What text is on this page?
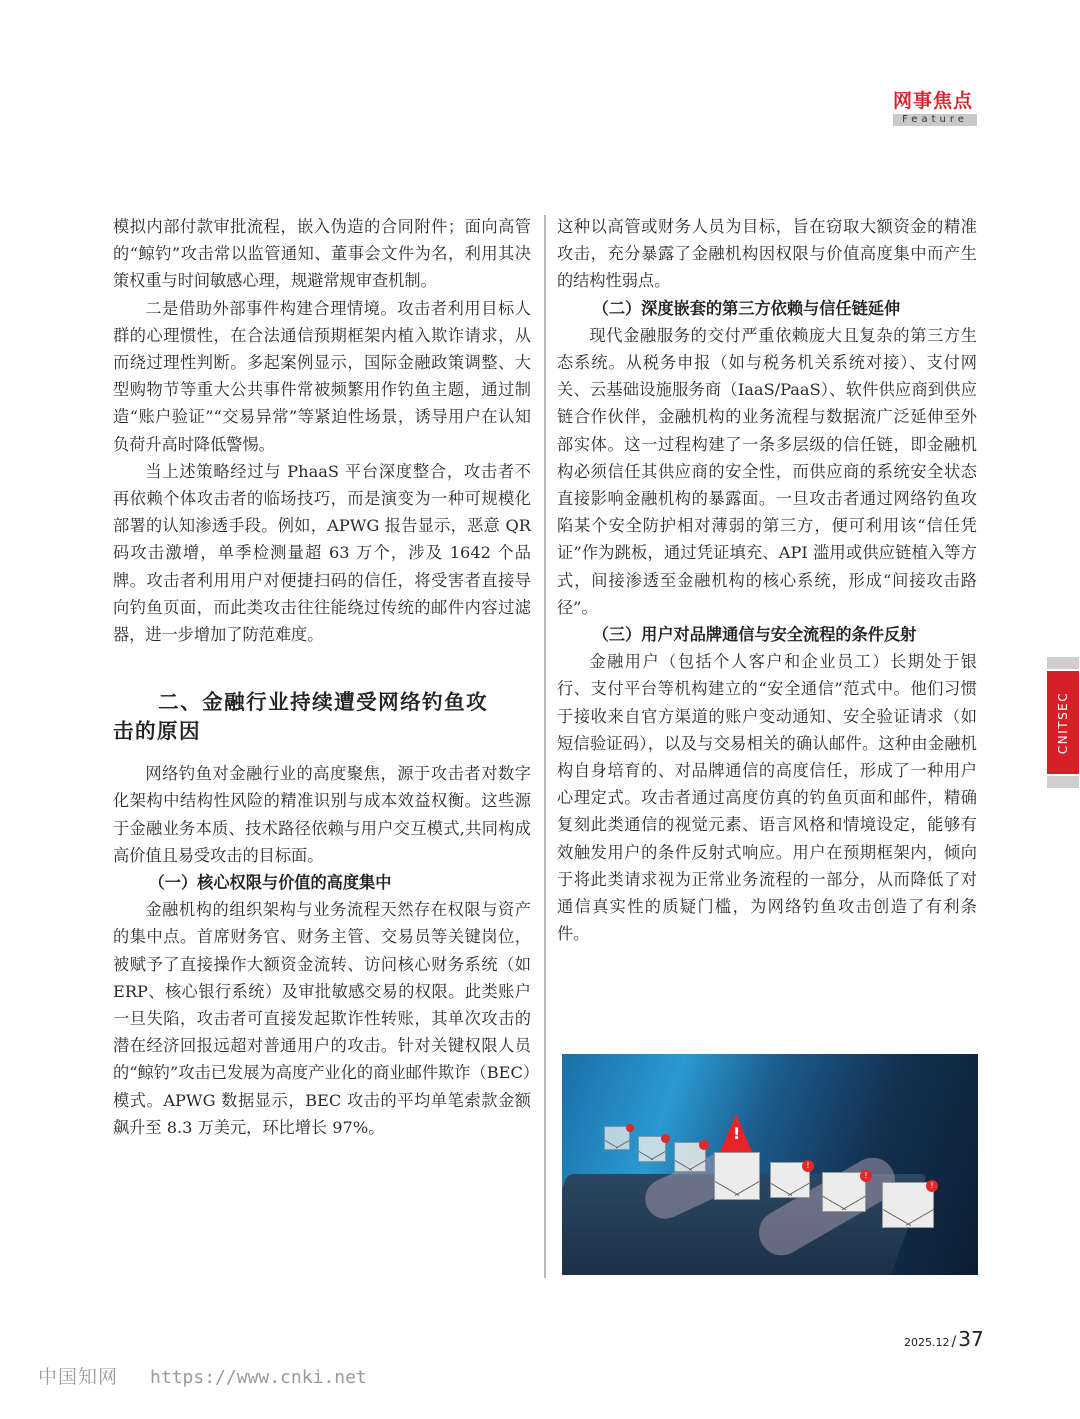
网事焦点
Feature

模拟内部付款审批流程，嵌入伪造的合同附件；面向高管的“鲸钓”攻击常以监管通知、董事会文件为名，利用其决策权重与时间敏感心理，规避常规审查机制。

二是借助外部事件构建合理情境。攻击者利用目标人群的心理惯性，在合法通信预期框架内植入欺诈请求，从而绕过理性判断。多起案例显示，国际金融政策调整、大型购物节等重大公共事件常被频繁用作钓鱼主题，通过制造“账户验证”“交易异常”等紧迫性场景，诱导用户在认知负荷升高时降低警惕。

当上述策略经过与 PhaaS 平台深度整合，攻击者不再依赖个体攻击者的临场技巧，而是演变为一种可规模化部署的认知渗透手段。例如，APWG 报告显示，恶意 QR 码攻击激增，单季检测量超 63 万个，涉及 1642 个品牌。攻击者利用用户对便捷扫码的信任，将受害者直接导向钓鱼页面，而此类攻击往往能绕过传统的邮件内容过滤器，进一步增加了防范难度。

二、金融行业持续遭受网络钓鱼攻
击的原因

网络钓鱼对金融行业的高度聚焦，源于攻击者对数字化架构中结构性风险的精准识别与成本效益权衡。这些源于金融业务本质、技术路径依赖与用户交互模式,共同构成高价值且易受攻击的目标面。

（一）核心权限与价值的高度集中

金融机构的组织架构与业务流程天然存在权限与资产的集中点。首席财务官、财务主管、交易员等关键岗位，被赋予了直接操作大额资金流转、访问核心财务系统（如 ERP、核心银行系统）及审批敏感交易的权限。此类账户一旦失陷，攻击者可直接发起欺诈性转账，其单次攻击的潜在经济回报远超对普通用户的攻击。针对关键权限人员的“鲸钓”攻击已发展为高度产业化的商业邮件欺诈（BEC）模式。APWG 数据显示，BEC 攻击的平均单笔索款金额飙升至 8.3 万美元，环比增长 97%。

这种以高管或财务人员为目标，旨在窃取大额资金的精准攻击，充分暴露了金融机构因权限与价值高度集中而产生的结构性弱点。

（二）深度嵌套的第三方依赖与信任链延伸

现代金融服务的交付严重依赖庞大且复杂的第三方生态系统。从税务申报（如与税务机关系统对接）、支付网关、云基础设施服务商（IaaS/PaaS）、软件供应商到供应链合作伙伴，金融机构的业务流程与数据流广泛延伸至外部实体。这一过程构建了一条多层级的信任链，即金融机构必须信任其供应商的安全性，而供应商的系统安全状态直接影响金融机构的暴露面。一旦攻击者通过网络钓鱼攻陷某个安全防护相对薄弱的第三方，便可利用该“信任凭证”作为跳板，通过凭证填充、API 滥用或供应链植入等方式，间接渗透至金融机构的核心系统，形成“间接攻击路径”。

（三）用户对品牌通信与安全流程的条件反射

金融用户（包括个人客户和企业员工）长期处于银行、支付平台等机构建立的“安全通信”范式中。他们习惯于接收来自官方渠道的账户变动通知、安全验证请求（如短信验证码），以及与交易相关的确认邮件。这种由金融机构自身培育的、对品牌通信的高度信任，形成了一种用户心理定式。攻击者通过高度仿真的钓鱼页面和邮件，精确复刻此类通信的视觉元素、语言风格和情境设定，能够有效触发用户的条件反射式响应。用户在预期框架内，倾向于将此类请求视为正常业务流程的一部分，从而降低了对通信真实性的质疑门槛，为网络钓鱼攻击创造了有利条件。

!
!
!
!
CNITSEC
2025.12 / 37
中国知网 https://www.cnki.net
